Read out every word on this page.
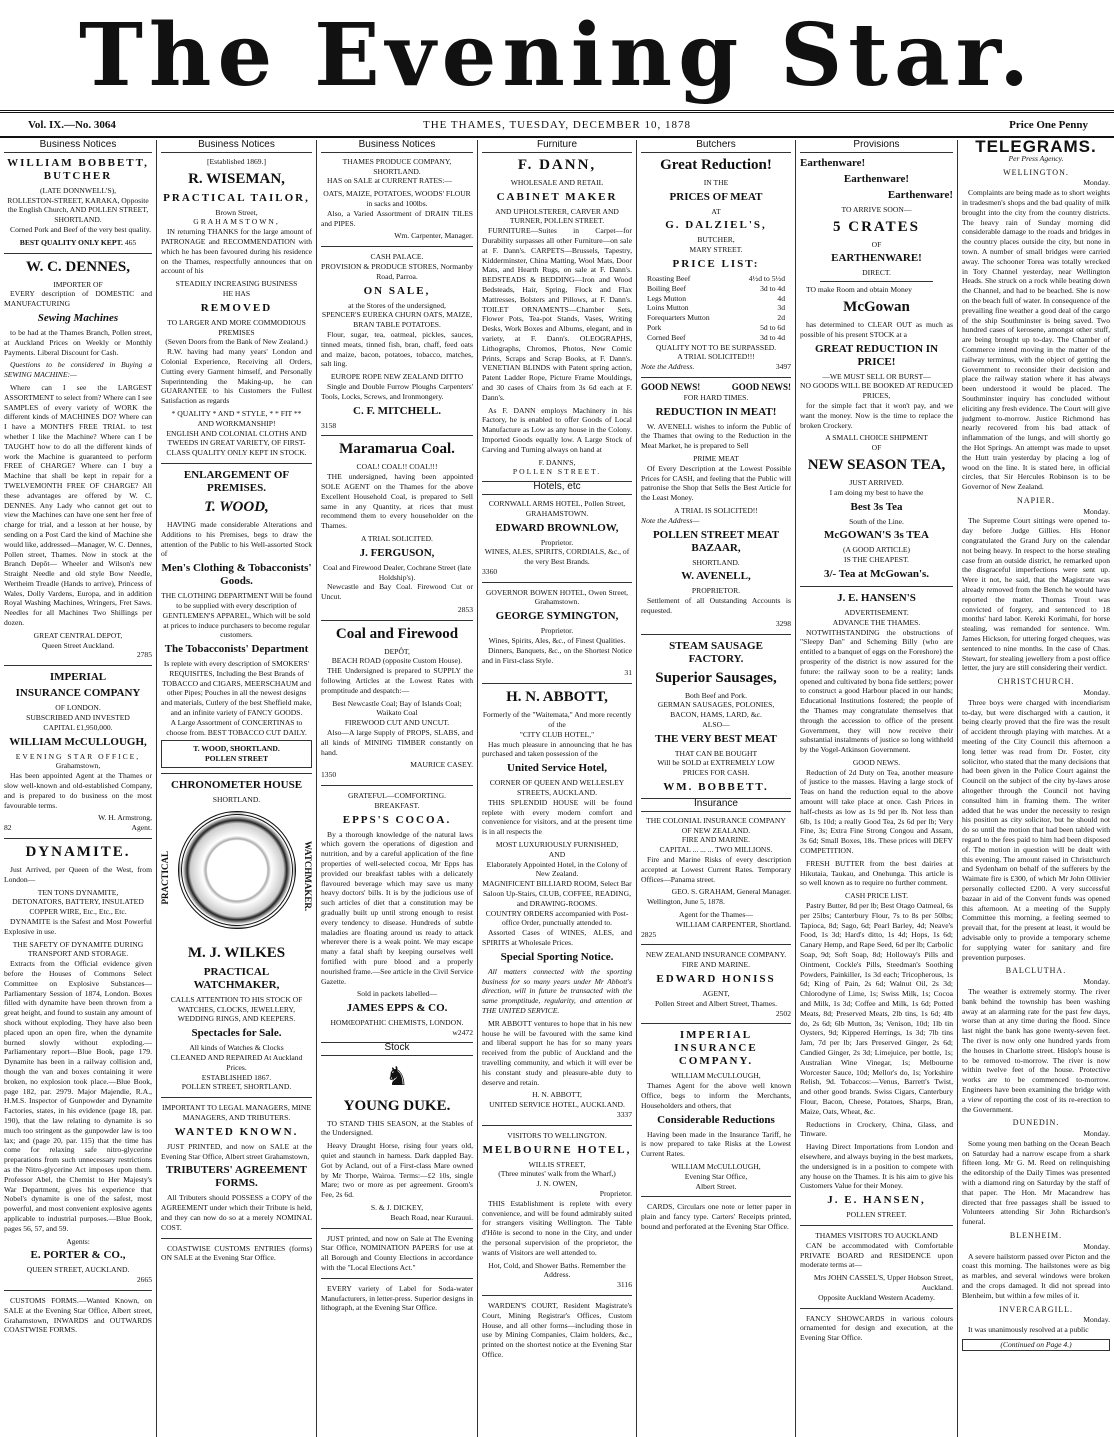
The Evening Star.
Vol. IX.—No. 3064	THE THAMES, TUESDAY, DECEMBER 10, 1878	Price One Penny
Business Notices
WILLIAM BOBBETT, BUTCHER
(LATE DONNWELL'S),
ROLLESTON-STREET, KARAKA, Opposite the English Church, AND POLLEN STREET, SHORTLAND.
Corned Pork and Beef of the very best quality.
BEST QUALITY ONLY KEPT. 465
W. C. DENNES,
IMPORTER OF
EVERY description of DOMESTIC and MANUFACTURING
Sewing Machines
to be had at the Thames Branch, Pollen street, at Auckland Prices on Weekly or Monthly Payments. Liberal Discount for Cash.
Questions to be considered in Buying a SEWING MACHINE:—
Where can I see the LARGEST ASSORTMENT to select from? Where can I see SAMPLES of every variety of WORK the different kinds of MACHINES DO? Where can I have a MONTH'S FREE TRIAL to test whether I like the Machine? Where can I be TAUGHT how to do all the different kinds of work the Machine is guaranteed to perform FREE of CHARGE? Where can I buy a Machine that shall be kept in repair for a TWELVEMONTH FREE OF CHARGE? All these advantages are offered by W. C. DENNES. Any Lady who cannot get out to view the Machines can have one sent her free of charge for trial, and a lesson at her house, by sending on a Post Card the kind of Machine she would like, addressed—Manager, W. C. Dennes, Pollen street, Thames. Now in stock at the Branch Depôt— Wheeler and Wilson's new Straight Needle and old style Bow Needle, Wertheim Treadle (Hands to arrive), Princess of Wales, Dolly Vardens, Europa, and in addition Royal Washing Machines, Wringers, Fret Saws. Needles for all Machines Two Shillings per dozen.
GREAT CENTRAL DEPOT,
Queen Street Auckland.
2785
IMPERIAL
INSURANCE COMPANY
OF LONDON.
SUBSCRIBED AND INVESTED
CAPITAL £1,950,000.
WILLIAM McCULLOUGH,
EVENING STAR OFFICE,
Grahamstown,
Has been appointed Agent at the Thames or slow well-known and old-established Company, and is prepared to do business on the most favourable terms.
W. H. Armstrong,
82	Agent.
DYNAMITE.
Just Arrived, per Queen of the West, from London—
TEN TONS DYNAMITE,
DETONATORS, BATTERY, INSULATED COPPER WIRE, Etc., Etc., Etc.
DYNAMITE is the Safest and Most Powerful Explosive in use.
THE SAFETY OF DYNAMITE DURING TRANSPORT AND STORAGE.
Extracts from the Official evidence given before the Houses of Commons Select Committee on Explosive Substances—Parliamentary Session of 1874, London. Boxes filled with dynamite have been thrown from a great height, and found to sustain any amount of shock without exploding. They have also been placed upon an open fire, when the dynamite burned slowly without exploding.—Parliamentary report—Blue Book, page 179. Dynamite has been in a railway collision and, though the van and boxes containing it were broken, no explosion took place.—Blue Book, page 182, par. 2979. Major Majendie, R.A., H.M.S. Inspector of Gunpowder and Dynamite Factories, states, in his evidence (page 18, par. 190), that the law relating to dynamite is so much too stringent as the gunpowder law is too lax; and (page 20, par. 115) that the time has come for relaxing safe nitro-glycerine preparations from such unnecessary restrictions as the Nitro-glycerine Act imposes upon them. Professor Abel, the Chemist to Her Majesty's War Department, gives his experience that Nobel's dynamite is one of the safest, most powerful, and most convenient explosive agents applicable to industrial purposes.—Blue Book, pages 56, 57, and 59.
Agents:
E. PORTER & CO.,
QUEEN STREET, AUCKLAND.
2665
CUSTOMS FORMS.—Wanted Known, on SALE at the Evening Star Office, Albert street, Grahamstown, INWARDS and OUTWARDS COASTWISE FORMS.
Business Notices
[Established 1869.]
R. WISEMAN,
PRACTICAL TAILOR,
Brown Street,
GRAHAMSTOWN,
IN returning THANKS for the large amount of PATRONAGE and RECOMMENDATION with which he has been favoured during his residence on the Thames, respectfully announces that on account of his
STEADILY INCREASING BUSINESS
HE HAS
REMOVED
TO LARGER AND MORE COMMODIOUS PREMISES
(Seven Doors from the Bank of New Zealand.)
R.W. having had many years' London and Colonial Experience, Receiving all Orders, Cutting every Garment himself, and Personally Superintending the Making-up, he can GUARANTEE to his Customers the Fullest Satisfaction as regards
* QUALITY * AND * STYLE, * * FIT **
AND WORKMANSHIP!
ENGLISH AND COLONIAL CLOTHS AND TWEEDS IN GREAT VARIETY, OF FIRST-CLASS QUALITY ONLY KEPT IN STOCK.
ENLARGEMENT OF PREMISES.
T. WOOD,
HAVING made considerable Alterations and Additions to his Premises, begs to draw the attention of the Public to his Well-assorted Stock of
Men's Clothing & Tobacconists' Goods.
THE CLOTHING DEPARTMENT Will be found to be supplied with every description of GENTLEMEN'S APPAREL, Which will be sold at prices to induce purchasers to become regular customers.
The Tobacconists' Department
Is replete with every description of SMOKERS' REQUISITES, Including the Best Brands of TOBACCO and CIGARS, MEERSCHAUM and other Pipes; Pouches in all the newest designs and materials, Cutlery of the best Sheffield make, and an infinite variety of FANCY GOODS.
A Large Assortment of CONCERTINAS to choose from. BEST TOBACCO CUT DAILY.
T. WOOD, SHORTLAND.
POLLEN STREET
CHRONOMETER HOUSE
SHORTLAND.
PRACTICAL	WATCHMAKER.
M. J. WILKES
PRACTICAL WATCHMAKER,
CALLS ATTENTION TO HIS STOCK OF WATCHES, CLOCKS, JEWELLERY, WEDDING RINGS, AND KEEPERS.
Spectacles for Sale.
All kinds of Watches & Clocks
CLEANED AND REPAIRED At Auckland Prices.
ESTABLISHED 1867.
POLLEN STREET, SHORTLAND.
IMPORTANT TO LEGAL MANAGERS, MINE MANAGERS, AND TRIBUTERS.
WANTED KNOWN.
JUST PRINTED, and now on SALE at the Evening Star Office, Albert street Grahamstown,
TRIBUTERS' AGREEMENT FORMS.
All Tributers should POSSESS a COPY of the AGREEMENT under which their Tribute is held, and they can now do so at a merely NOMINAL COST.
COASTWISE CUSTOMS ENTRIES (forms) ON SALE at the Evening Star Office.
Business Notices
THAMES PRODUCE COMPANY, SHORTLAND.
HAS on SALE at CURRENT RATES:—
OATS, MAIZE, POTATOES, WOODS' FLOUR in sacks and 100lbs.
Also, a Varied Assortment of DRAIN TILES and PIPES.
Wm. Carpenter, Manager.
CASH PALACE.
PROVISION & PRODUCE STORES, Normanby Road, Parroa.
ON SALE,
at the Stores of the undersigned,
SPENCER'S EUREKA CHURN OATS, MAIZE, BRAN TABLE POTATOES.
Flour, sugar, tea, oatmeal, pickles, sauces, tinned meats, tinned fish, bran, chaff, feed oats and maize, bacon, potatoes, tobacco, matches, salt ling.
EUROPE ROPE NEW ZEALAND DITTO
Single and Double Furrow Ploughs Carpenters' Tools, Locks, Screws, and Ironmongery.
C. F. MITCHELL.
3158
Maramarua Coal.
COAL! COAL!! COAL!!!
THE undersigned, having been appointed SOLE AGENT on the Thames for the above Excellent Household Coal, is prepared to Sell same in any Quantity, at rices that must recommend them to every householder on the Thames.
A TRIAL SOLICITED.
J. FERGUSON,
Coal and Firewood Dealer, Cochrane Street (late Holdship's).
Newcastle and Bay Coal. Firewood Cut or Uncut.
2853
Coal and Firewood
DEPÔT,
BEACH ROAD (opposite Custom House).
THE Undersigned is prepared to SUPPLY the following Articles at the Lowest Rates with promptitude and despatch:—
Best Newcastle Coal; Bay of Islands Coal; Waikato Coal
FIREWOOD CUT AND UNCUT.
Also—A large Supply of PROPS, SLABS, and all kinds of MINING TIMBER constantly on hand.
MAURICE CASEY.
1350
GRATEFUL—COMFORTING.
BREAKFAST.
EPPS'S COCOA.
By a thorough knowledge of the natural laws which govern the operations of digestion and nutrition, and by a careful application of the fine properties of well-selected cocoa, Mr Epps has provided our breakfast tables with a delicately flavoured beverage which may save us many heavy doctors' bills. It is by the judicious use of such articles of diet that a constitution may be gradually built up until strong enough to resist every tendency to disease. Hundreds of subtle maladies are floating around us ready to attack wherever there is a weak point. We may escape many a fatal shaft by keeping ourselves well fortified with pure blood and a properly nourished frame.—See article in the Civil Service Gazette.
Sold in packets labelled—
JAMES EPPS & CO.
HOMŒOPATHIC CHEMISTS, LONDON.
w2472
Stock
♞
YOUNG DUKE.
TO STAND THIS SEASON, at the Stables of the Undersigned.
Heavy Draught Horse, rising four years old, quiet and staunch in harness. Dark dappled Bay. Got by Acland, out of a First-class Mare owned by Mr Thorpe, Wairoa. Terms:—£2 10s, single Mare; two or more as per agreement. Groom's Fee, 2s 6d.
S. & J. DICKEY,
Beach Road, near Kurauui.
JUST printed, and now on Sale at The Evening Star Office, NOMINATION PAPERS for use at all Borough and County Elections in accordance with the "Local Elections Act."
EVERY variety of Label for Soda-water Manufacturers, in letter-press. Superior designs in lithograph, at the Evening Star Office.
Furniture
F. DANN,
WHOLESALE AND RETAIL
CABINET MAKER
AND UPHOLSTERER, CARVER AND TURNER, POLLEN STREET.
FURNITURE—Suites in Carpet—for Durability surpasses all other Furniture—on sale at F. Dann's. CARPETS—Brussels, Tapestry, Kidderminster, China Matting, Wool Mats, Door Mats, and Hearth Rugs, on sale at F. Dann's. BEDSTEADS & BEDDING—Iron and Wood Bedsteads, Hair, Spring, Flock and Flax Mattresses, Bolsters and Pillows, at F. Dann's. TOILET ORNAMENTS—Chamber Sets, Flower Pots, Tea-pot Stands, Vases, Writing Desks, Work Boxes and Albums, elegant, and in variety, at F. Dann's. OLEOGRAPHS, Lithographs, Chromos, Photos, New Comic Prints, Scraps and Scrap Books, at F. Dann's. VENETIAN BLINDS with Patent spring action, Patent Ladder Rope, Picture Frame Mouldings, and 30 cases of Chairs from 3s 6d each at F. Dann's.
As F. DANN employs Machinery in his Factory, he is enabled to offer Goods of Local Manufacture as Low as any house in the Colony. Imported Goods equally low. A Large Stock of Carving and Turning always on hand at
F. DANN'S,
POLLEN STREET.
Hotels, etc
CORNWALL ARMS HOTEL, Pollen Street, GRAHAMSTOWN.
EDWARD BROWNLOW,
Proprietor.
WINES, ALES, SPIRITS, CORDIALS, &c., of the very Best Brands.
3360
GOVERNOR BOWEN HOTEL, Owen Street, Grahamstown.
GEORGE SYMINGTON,
Proprietor.
Wines, Spirits, Ales, &c., of Finest Qualities.
Dinners, Banquets, &c., on the Shortest Notice and in First-class Style.
31
H. N. ABBOTT,
Formerly of the "Waitemata," And more recently of the
"CITY CLUB HOTEL,"
Has much pleasure in announcing that he has purchased and taken possession of the
United Service Hotel,
CORNER OF QUEEN AND WELLESLEY STREETS, AUCKLAND.
THIS SPLENDID HOUSE will be found replete with every modern comfort and convenience for visitors, and at the present time is in all respects the
MOST LUXURIOUSLY FURNISHED,
AND
Elaborately Appointed Hotel, in the Colony of New Zealand.
MAGNIFICENT BILLIARD ROOM, Select Bar Saloon Up-Stairs, CLUB, COFFEE, READING, and DRAWING-ROOMS.
COUNTRY ORDERS accompanied with Post-office Order, punctually attended to.
Assorted Cases of WINES, ALES, and SPIRITS at Wholesale Prices.
Special Sporting Notice.
All matters connected with the sporting business for so many years under Mr Abbott's direction, will in future be transacted with the same promptitude, regularity, and attention at THE UNITED SERVICE.
MR ABBOTT ventures to hope that in his new house he will be favoured with the same kind and liberal support he has for so many years received from the public of Auckland and the travelling community, and which it will ever be his constant study and pleasure-able duty to deserve and retain.
H. N. ABBOTT,
UNITED SERVICE HOTEL, AUCKLAND.
3337
VISITORS TO WELLINGTON.
MELBOURNE HOTEL,
WILLIS STREET,
(Three minutes' walk from the Wharf,)
J. N. OWEN,
Proprietor.
THIS Establishment is replete with every convenience, and will be found admirably suited for strangers visiting Wellington. The Table d'Hôte is second to none in the City, and under the personal supervision of the proprietor, the wants of Visitors are well attended to.
Hot, Cold, and Shower Baths. Remember the Address.
3116
WARDEN'S COURT, Resident Magistrate's Court, Mining Registrar's Offices, Custom House, and all other forms—including those in use by Mining Companies, Claim holders, &c., printed on the shortest notice at the Evening Star Office.
Butchers
Great Reduction!
IN THE
PRICES OF MEAT
AT
G. DALZIEL'S,
BUTCHER,
MARY STREET.
PRICE LIST:
Roasting Beef	4½d to 5½d
Boiling Beef	3d to 4d
Legs Mutton	4d
Loins Mutton	3d
Forequarters Mutton	2d
Pork	5d to 6d
Corned Beef	3d to 4d
QUALITY NOT TO BE SURPASSED.
A TRIAL SOLICITED!!!
Note the Address.	3497
GOOD NEWS!	GOOD NEWS!
FOR HARD TIMES.
REDUCTION IN MEAT!
W. AVENELL wishes to inform the Public of the Thames that owing to the Reduction in the Meat Market, he is prepared to Sell
PRIME MEAT
Of Every Description at the Lowest Possible Prices for CASH, and feeling that the Public will patronise the Shop that Sells the Best Article for the Least Money.
A TRIAL IS SOLICITED!!
Note the Address—
POLLEN STREET MEAT BAZAAR,
SHORTLAND.
W. AVENELL,
PROPRIETOR.
Settlement of all Outstanding Accounts is requested.
3298
STEAM SAUSAGE FACTORY.
Superior Sausages,
Both Beef and Pork.
GERMAN SAUSAGES, POLONIES,
BACON, HAMS, LARD, &c.
ALSO—
THE VERY BEST MEAT
THAT CAN BE BOUGHT
Will be SOLD at EXTREMELY LOW
PRICES FOR CASH.
WM. BOBBETT.
Insurance
THE COLONIAL INSURANCE COMPANY OF NEW ZEALAND.
FIRE AND MARINE.
CAPITAL ... ... ... TWO MILLIONS.
Fire and Marine Risks of every description accepted at Lowest Current Rates. Temporary Offices—Panama street.
GEO. S. GRAHAM, General Manager.
Wellington, June 5, 1878.
Agent for the Thames—
WILLIAM CARPENTER, Shortland.
2825
NEW ZEALAND INSURANCE COMPANY.
FIRE AND MARINE.
EDWARD HONISS
AGENT,
Pollen Street and Albert Street, Thames.
2502
IMPERIAL INSURANCE COMPANY.
WILLIAM McCULLOUGH,
Thames Agent for the above well known Office, begs to inform the Merchants, Householders and others, that
Considerable Reductions
Having been made in the Insurance Tariff, he is now prepared to take Risks at the Lowest Current Rates.
WILLIAM McCULLOUGH,
Evening Star Office,
Albert Street.
CARDS, Circulars one note or letter paper in plain and fancy type. Carters' Receipts printed, bound and perforated at the Evening Star Office.
Provisions
Earthenware!
Earthenware!
Earthenware!
TO ARRIVE SOON—
5 CRATES
OF
EARTHENWARE!
DIRECT.
TO make Room and obtain Money
McGowan
has determined to CLEAR OUT as much as possible of his present STOCK at a
GREAT REDUCTION IN PRICE!
—WE MUST SELL OR BURST—
NO GOODS WILL BE BOOKED AT REDUCED PRICES,
for the simple fact that it won't pay, and we want the money. Now is the time to replace the broken Crockery.
A SMALL CHOICE SHIPMENT
OF
NEW SEASON TEA,
JUST ARRIVED.
I am doing my best to have the
Best 3s Tea
South of the Line.
McGOWAN'S 3s TEA
(A GOOD ARTICLE)
IS THE CHEAPEST.
3/- Tea at McGowan's.
J. E. HANSEN'S
ADVERTISEMENT.
ADVANCE THE THAMES.
NOTWITHSTANDING the obstructions of "Sleepy Dan" and Scheming Billy (who are entitled to a banquet of eggs on the Foreshore) the prosperity of the district is now assured for the future: the railway soon to be a reality; lands opened and cultivated by bona fide settlers; power to construct a good Harbour placed in our hands; Educational Institutions fostered; the people of the Thames may congratulate themselves that through the accession to office of the present Government, they will now receive their substantial instalments of justice so long withheld by the Vogel-Atkinson Government.
GOOD NEWS.
Reduction of 2d Duty on Tea, another measure of justice to the masses. Having a large stock of Teas on hand the reduction equal to the above amount will take place at once. Cash Prices in half-chests as low as 1s 9d per lb. Not less than 6lb, 1s 10d; a really Good Tea, 2s 6d per lb; Very Fine, 3s; Extra Fine Strong Congou and Assam, 3s 6d; Small Boxes, 18s. These prices will DEFY COMPETITION.
FRESH BUTTER from the best dairies at Hikutaia, Taukau, and Onehunga. This article is so well known as to require no further comment.
CASH PRICE LIST.
Pastry Butter, 8d per lb; Best Otago Oatmeal, 6s per 25lbs; Canterbury Flour, 7s to 8s per 50lbs; Tapioca, 8d; Sago, 6d; Pearl Barley, 4d; Neave's Food, 1s 3d; Hard's ditto, 1s 4d; Hops, 1s 6d; Canary Hemp, and Rape Seed, 6d per lb; Carbolic Soap, 9d; Soft Soap, 8d; Holloway's Pills and Ointment, Cockle's Pills, Steedman's Soothing Powders, Painkiller, 1s 3d each; Tricopherous, 1s 6d; King of Pain, 2s 6d; Walnut Oil, 2s 3d; Chlorodyne of Lime, 1s; Swiss Milk, 1s; Cocoa and Milk, 1s 3d; Coffee and Milk, 1s 6d; Potted Meats, 8d; Preserved Meats, 2lb tins, 1s 6d; 4lb do, 2s 6d; 6lb Mutton, 3s; Venison, 10d; 1lb tin Oysters, 9d; Kippered Herrings, 1s 3d; 7lb tins Jam, 7d per lb; Jars Preserved Ginger, 2s 6d; Candied Ginger, 2s 3d; Limejuice, per bottle, 1s; Australian Wine Vinegar, 1s; Melbourne Worcester Sauce, 10d; Mellor's do, 1s; Yorkshire Relish, 9d. Tobaccos:—Venus, Barrett's Twist, and other good brands. Swiss Cigars, Canterbury Flour, Bacon, Cheese, Potatoes, Sharps, Bran, Maize, Oats, Wheat, &c.
Reductions in Crockery, China, Glass, and Tinware.
Having Direct Importations from London and elsewhere, and always buying in the best markets, the undersigned is in a position to compete with any house on the Thames. It is his aim to give his Customers Value for their Money.
J. E. HANSEN,
POLLEN STREET.
THAMES VISITORS TO AUCKLAND
CAN be accommodated with Comfortable PRIVATE BOARD and RESIDENCE upon moderate terms at—
Mrs JOHN CASSEL'S, Upper Hobson Street, Auckland.
Opposite Auckland Western Academy.
FANCY SHOWCARDS in various colours ornamented for design and execution, at the Evening Star Office.
TELEGRAMS.
Per Press Agency.
WELLINGTON.
Monday.
Complaints are being made as to short weights in tradesmen's shops and the bad quality of milk brought into the city from the country districts. The heavy rain of Sunday morning did considerable damage to the roads and bridges in the country places outside the city, but none in town. A number of small bridges were carried away. The schooner Torea was totally wrecked in Tory Channel yesterday, near Wellington Heads. She struck on a rock while beating down the Channel, and had to be beached. She is now on the beach full of water. In consequence of the prevailing fine weather a good deal of the cargo of the ship Southminster is being saved. Two hundred cases of kerosene, amongst other stuff, are being brought up to-day. The Chamber of Commerce intend moving in the matter of the railway terminus, with the object of getting the Government to reconsider their decision and place the railway station where it has always been understood it would be placed. The Southminster inquiry has concluded without eliciting any fresh evidence. The Court will give judgment to-morrow. Justice Richmond has nearly recovered from his bad attack of inflammation of the lungs, and will shortly go the Hot Springs. An attempt was made to upset the Hutt train yesterday by placing a log of wood on the line. It is stated here, in official circles, that Sir Hercules Robinson is to be Governor of New Zealand.
NAPIER.
Monday.
The Supreme Court sittings were opened to-day before Judge Gillies. His Honor congratulated the Grand Jury on the calendar not being heavy. In respect to the horse stealing case from an outside district, he remarked upon the disgraceful imperfections were sent up. Were it not, he said, that the Magistrate was already removed from the Bench he would have reported the matter. Thomas Trout was convicted of forgery, and sentenced to 18 months' hard labor. Kereki Korimahi, for horse stealing, was remanded for sentence. Wm. James Hickson, for uttering forged cheques, was sentenced to nine months. In the case of Chas. Stewart, for stealing jewellery from a post office letter, the jury are still considering their verdict.
CHRISTCHURCH.
Monday.
Three boys were charged with incendiarism to-day, but were discharged with a caution, it being clearly proved that the fire was the result of accident through playing with matches. At a meeting of the City Council this afternoon a long letter was read from Dr. Foster, city solicitor, who stated that the many decisions that had been given in the Police Court against the Council on the subject of the city by-laws arose altogether through the Council not having consulted him in framing them. The writer added that he was under the necessity to resign his position as city solicitor, but he should not do so until the motion that had been tabled with regard to the fees paid to him had been disposed of. The motion in question will be dealt with this evening. The amount raised in Christchurch and Sydenham on behalf of the sufferers by the Waimate fire is £300, of which Mr John Ollivier personally collected £200. A very successful bazaar in aid of the Convent funds was opened this afternoon. At a meeting of the Supply Committee this morning, a feeling seemed to prevail that, for the present at least, it would be advisable only to provide a temporary scheme for supplying water for sanitary and fire prevention purposes.
BALCLUTHA.
Monday.
The weather is extremely stormy. The river bank behind the township has been washing away at an alarming rate for the past few days, worse than at any time during the flood. Since last night the bank has gone twenty-seven feet. The river is now only one hundred yards from the houses in Charlotte street. Hislop's house is to be removed to-morrow. The river is now within twelve feet of the house. Protective works are to be commenced to-morrow. Engineers have been examining the bridge with a view of reporting the cost of its re-erection to the Government.
DUNEDIN.
Monday.
Some young men bathing on the Ocean Beach on Saturday had a narrow escape from a shark fifteen long. Mr G. M. Reed on relinquishing the editorship of the Daily Times was presented with a diamond ring on Saturday by the staff of that paper. The Hon. Mr Macandrew has directed that free passages shall be issued to Volunteers attending Sir John Richardson's funeral.
BLENHEIM.
Monday.
A severe hailstorm passed over Picton and the coast this morning. The hailstones were as big as marbles, and several windows were broken and the crops damaged. It did not spread into Blenheim, but within a few miles of it.
INVERCARGILL.
Monday.
It was unanimously resolved at a public
(Continued on Page 4.)
